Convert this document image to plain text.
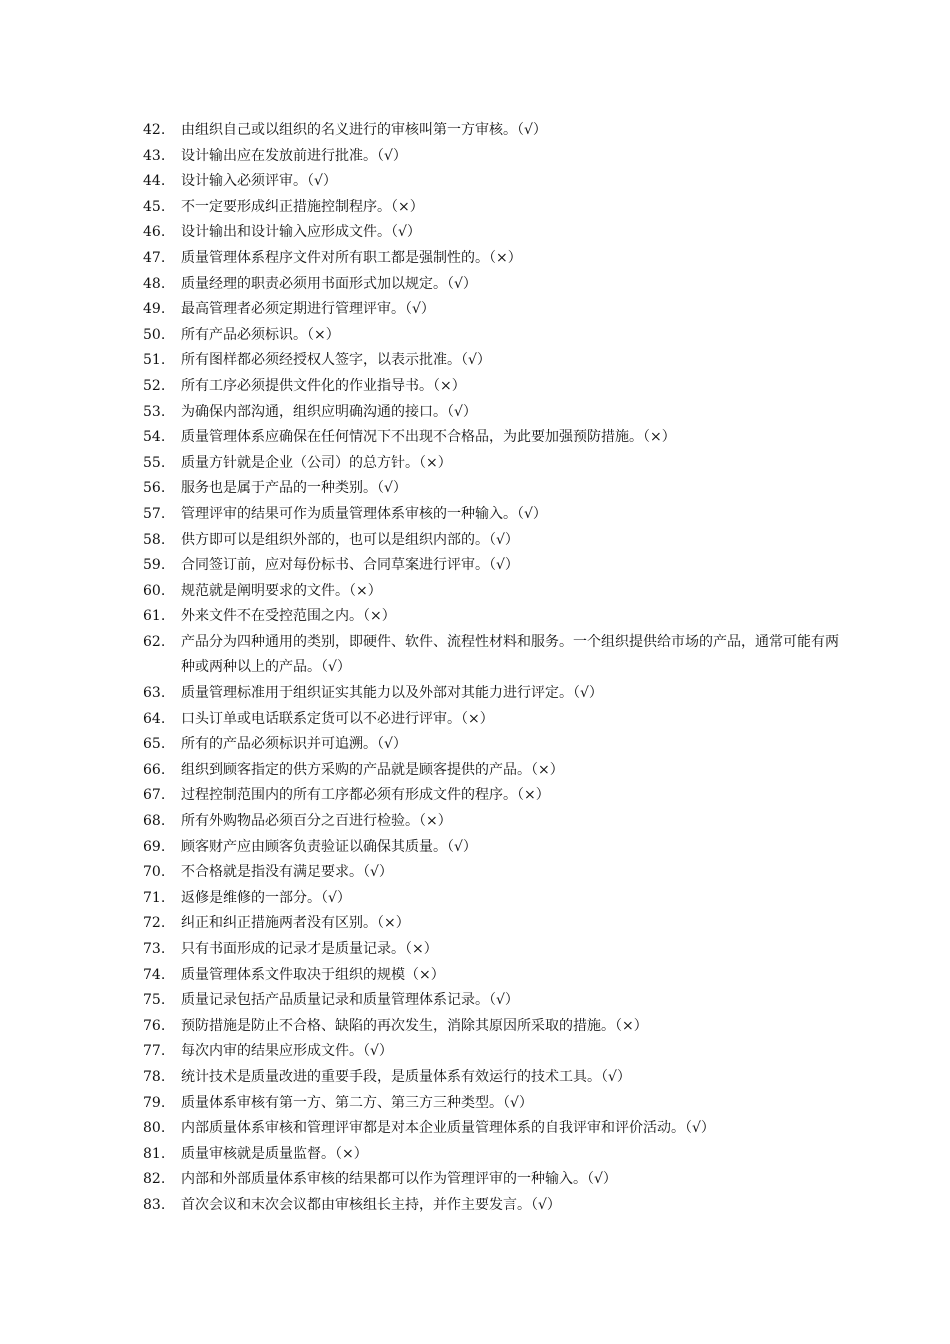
42.	由组织自己或以组织的名义进行的审核叫第一方审核。（√）
43.	设计输出应在发放前进行批准。（√）
44.	设计输入必须评审。（√）
45.	不一定要形成纠正措施控制程序。（×）
46.	设计输出和设计输入应形成文件。（√）
47.	质量管理体系程序文件对所有职工都是强制性的。（×）
48.	质量经理的职责必须用书面形式加以规定。（√）
49.	最高管理者必须定期进行管理评审。（√）
50.	所有产品必须标识。（×）
51.	所有图样都必须经授权人签字，以表示批准。（√）
52.	所有工序必须提供文件化的作业指导书。（×）
53.	为确保内部沟通，组织应明确沟通的接口。（√）
54.	质量管理体系应确保在任何情况下不出现不合格品，为此要加强预防措施。（×）
55.	质量方针就是企业（公司）的总方针。（×）
56.	服务也是属于产品的一种类别。（√）
57.	管理评审的结果可作为质量管理体系审核的一种输入。（√）
58.	供方即可以是组织外部的，也可以是组织内部的。（√）
59.	合同签订前，应对每份标书、合同草案进行评审。（√）
60.	规范就是阐明要求的文件。（×）
61.	外来文件不在受控范围之内。（×）
62.	产品分为四种通用的类别，即硬件、软件、流程性材料和服务。一个组织提供给市场的产品，通常可能有两种或两种以上的产品。（√）
63.	质量管理标准用于组织证实其能力以及外部对其能力进行评定。（√）
64.	口头订单或电话联系定货可以不必进行评审。（×）
65.	所有的产品必须标识并可追溯。（√）
66.	组织到顾客指定的供方采购的产品就是顾客提供的产品。（×）
67.	过程控制范围内的所有工序都必须有形成文件的程序。（×）
68.	所有外购物品必须百分之百进行检验。（×）
69.	顾客财产应由顾客负责验证以确保其质量。（√）
70.	不合格就是指没有满足要求。（√）
71.	返修是维修的一部分。（√）
72.	纠正和纠正措施两者没有区别。（×）
73.	只有书面形成的记录才是质量记录。（×）
74.	质量管理体系文件取决于组织的规模（×）
75.	质量记录包括产品质量记录和质量管理体系记录。（√）
76.	预防措施是防止不合格、缺陷的再次发生，消除其原因所采取的措施。（×）
77.	每次内审的结果应形成文件。（√）
78.	统计技术是质量改进的重要手段，是质量体系有效运行的技术工具。（√）
79.	质量体系审核有第一方、第二方、第三方三种类型。（√）
80.	内部质量体系审核和管理评审都是对本企业质量管理体系的自我评审和评价活动。（√）
81.	质量审核就是质量监督。（×）
82.	内部和外部质量体系审核的结果都可以作为管理评审的一种输入。（√）
83.	首次会议和末次会议都由审核组长主持，并作主要发言。（√）
